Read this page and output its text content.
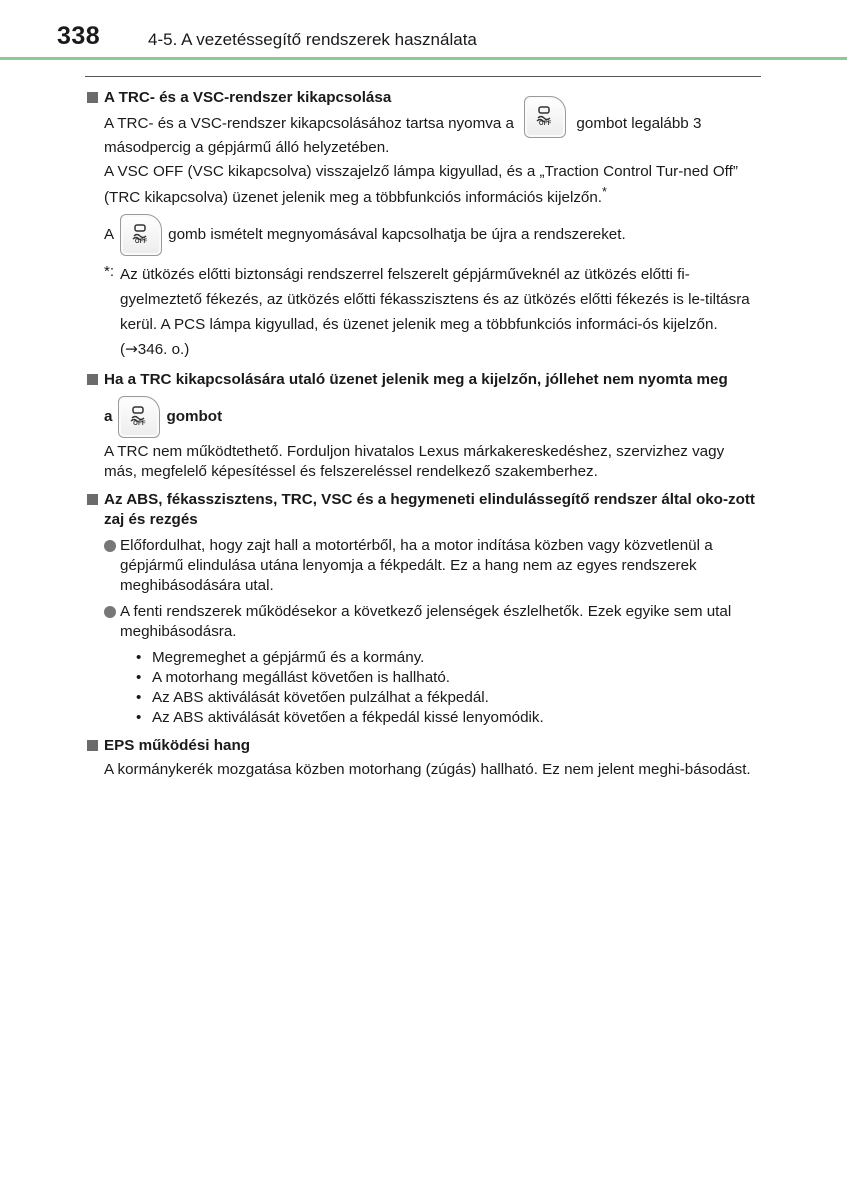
338	4-5. A vezetéssegítő rendszerek használata
A TRC- és a VSC-rendszer kikapcsolása

A TRC- és a VSC-rendszer kikapcsolásához tartsa nyomva a	OFF	gombot legalább 3 másodpercig a gépjármű álló helyzetében.

A VSC OFF (VSC kikapcsolva) visszajelző lámpa kigyullad, és a „Traction Control Tur-ned Off” (TRC kikapcsolva) üzenet jelenik meg a többfunkciós információs kijelzőn.*

A	OFF	gomb ismételt megnyomásával kapcsolhatja be újra a rendszereket.
*: Az ütközés előtti biztonsági rendszerrel felszerelt gépjárműveknél az ütközés előtti fi-gyelmeztető fékezés, az ütközés előtti fékasszisztens és az ütközés előtti fékezés is le-tiltásra kerül. A PCS lámpa kigyullad, és üzenet jelenik meg a többfunkciós informáci-ós kijelzőn. (→346. o.)
Ha a TRC kikapcsolására utaló üzenet jelenik meg a kijelzőn, jóllehet nem nyomta meg
a	OFF	gombot

A TRC nem működtethető. Forduljon hivatalos Lexus márkakereskedéshez, szervizhez vagy más, megfelelő képesítéssel és felszereléssel rendelkező szakemberhez.

Az ABS, fékasszisztens, TRC, VSC és a hegymeneti elindulássegítő rendszer által oko-zott zaj és rezgés
Előfordulhat, hogy zajt hall a motortérből, ha a motor indítása közben vagy közvetlenül a gépjármű elindulása utána lenyomja a fékpedált. Ez a hang nem az egyes rendszerek meghibásodására utal.
A fenti rendszerek működésekor a következő jelenségek észlelhetők. Ezek egyike sem utal meghibásodásra.
• Megremeghet a gépjármű és a kormány.
• A motorhang megállást követően is hallható.
• Az ABS aktiválását követően pulzálhat a fékpedál.
• Az ABS aktiválását követően a fékpedál kissé lenyomódik.
EPS működési hang

A kormánykerék mozgatása közben motorhang (zúgás) hallható. Ez nem jelent meghi-básodást.
